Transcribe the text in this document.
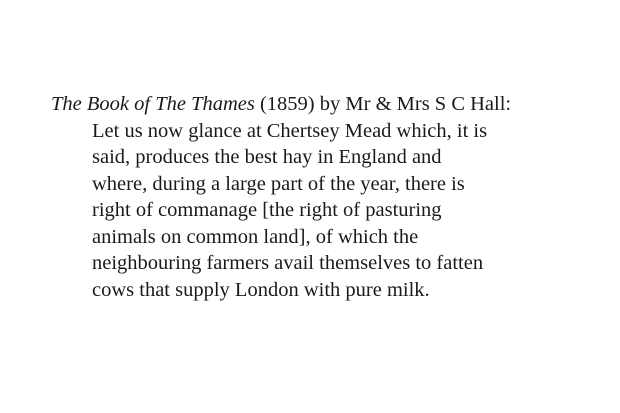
The Book of The Thames (1859) by Mr & Mrs S C Hall:
Let us now glance at Chertsey Mead which, it is
said, produces the best hay in England and
where, during a large part of the year, there is
right of commanage [the right of pasturing
animals on common land], of which the
neighbouring farmers avail themselves to fatten
cows that supply London with pure milk.
